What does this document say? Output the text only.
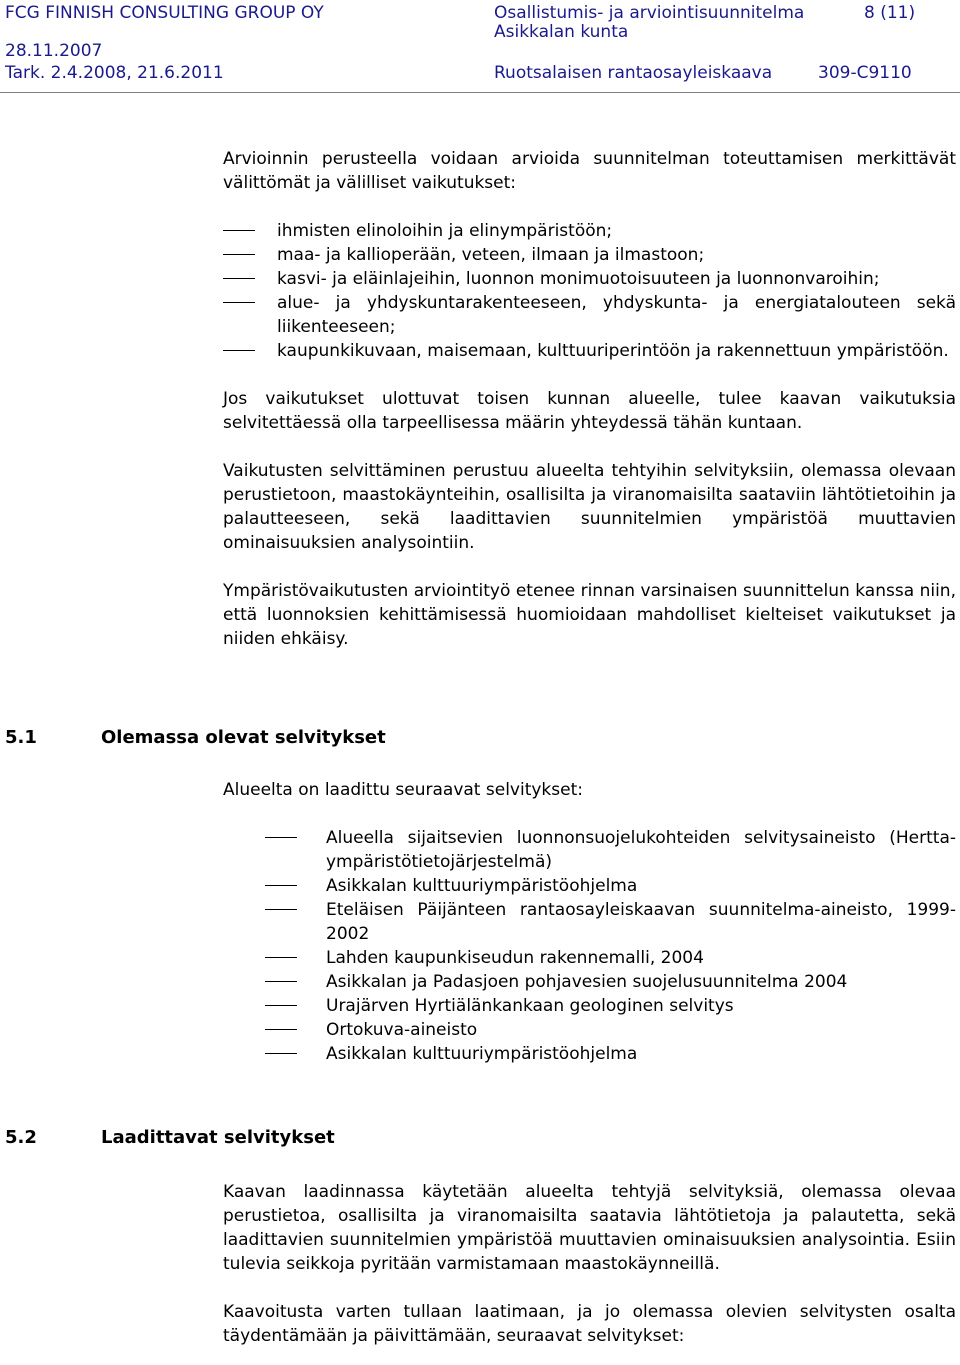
FCG FINNISH CONSULTING GROUP OY	Osallistumis- ja arviointisuunnitelma	8 (11)
Asikkalan kunta
28.11.2007
Tark. 2.4.2008, 21.6.2011	Ruotsalaisen rantaosayleiskaava	309-C9110

Arvioinnin perusteella voidaan arvioida suunnitelman toteuttamisen merkittävät välittömät ja välilliset vaikutukset:

ihmisten elinoloihin ja elinympäristöön;
maa- ja kallioperään, veteen, ilmaan ja ilmastoon;
kasvi- ja eläinlajeihin, luonnon monimuotoisuuteen ja luonnonvaroihin;
alue- ja yhdyskuntarakenteeseen, yhdyskunta- ja energiatalouteen sekä liikenteeseen;
kaupunkikuvaan, maisemaan, kulttuuriperintöön ja rakennettuun ympäristöön.

Jos vaikutukset ulottuvat toisen kunnan alueelle, tulee kaavan vaikutuksia selvitettäessä olla tarpeellisessa määrin yhteydessä tähän kuntaan.

Vaikutusten selvittäminen perustuu alueelta tehtyihin selvityksiin, olemassa olevaan perustietoon, maastokäynteihin, osallisilta ja viranomaisilta saataviin lähtötietoihin ja palautteeseen, sekä laadittavien suunnitelmien ympäristöä muuttavien ominaisuuksien analysointiin.

Ympäristövaikutusten arviointityö etenee rinnan varsinaisen suunnittelun kanssa niin, että luonnoksien kehittämisessä huomioidaan mahdolliset kielteiset vaikutukset ja niiden ehkäisy.

5.1	Olemassa olevat selvitykset

Alueelta on laadittu seuraavat selvitykset:

Alueella sijaitsevien luonnonsuojelukohteiden selvitysaineisto (Hertta-ympäristötietojärjestelmä)
Asikkalan kulttuuriympäristöohjelma
Eteläisen Päijänteen rantaosayleiskaavan suunnitelma-aineisto, 1999-2002
Lahden kaupunkiseudun rakennemalli, 2004
Asikkalan ja Padasjoen pohjavesien suojelusuunnitelma 2004
Urajärven Hyrtiälänkankaan geologinen selvitys
Ortokuva-aineisto
Asikkalan kulttuuriympäristöohjelma
5.2	Laadittavat selvitykset

Kaavan laadinnassa käytetään alueelta tehtyjä selvityksiä, olemassa olevaa perustietoa, osallisilta ja viranomaisilta saatavia lähtötietoja ja palautetta, sekä laadittavien suunnitelmien ympäristöä muuttavien ominaisuuksien analysointia. Esiin tulevia seikkoja pyritään varmistamaan maastokäynneillä.

Kaavoitusta varten tullaan laatimaan, ja jo olemassa olevien selvitysten osalta täydentämään ja päivittämään, seuraavat selvitykset:
